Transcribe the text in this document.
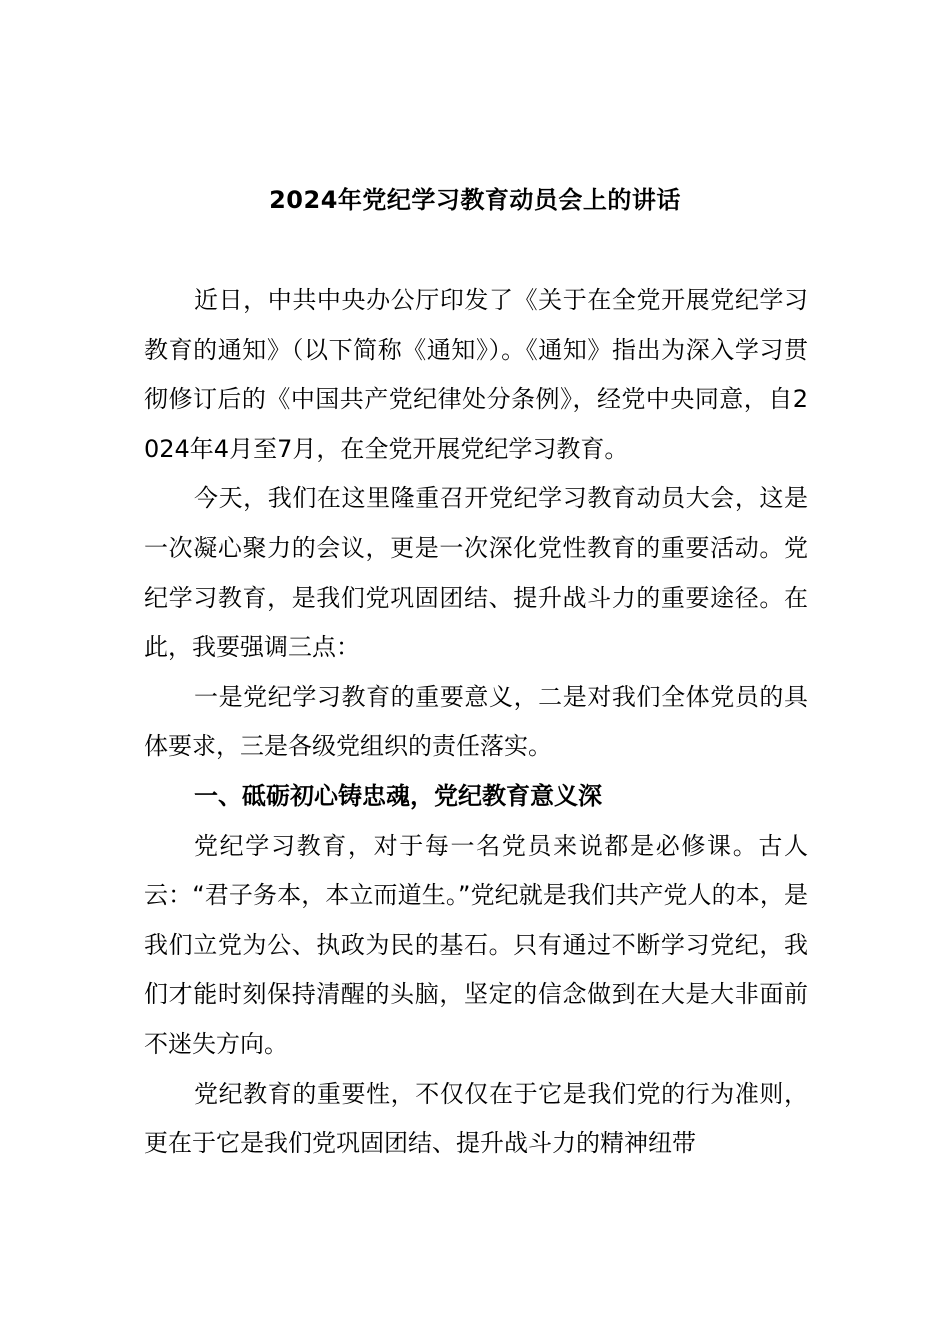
2024年党纪学习教育动员会上的讲话

近日，中共中央办公厅印发了《关于在全党开展党纪学习教育的通知》（以下简称《通知》）。《通知》指出为深入学习贯彻修订后的《中国共产党纪律处分条例》，经党中央同意，自2024年4月至7月，在全党开展党纪学习教育。

今天，我们在这里隆重召开党纪学习教育动员大会，这是一次凝心聚力的会议，更是一次深化党性教育的重要活动。党纪学习教育，是我们党巩固团结、提升战斗力的重要途径。在此，我要强调三点：

一是党纪学习教育的重要意义，二是对我们全体党员的具体要求，三是各级党组织的责任落实。

一、砥砺初心铸忠魂，党纪教育意义深

党纪学习教育，对于每一名党员来说都是必修课。古人云：“君子务本，本立而道生。”党纪就是我们共产党人的本，是我们立党为公、执政为民的基石。只有通过不断学习党纪，我们才能时刻保持清醒的头脑，坚定的信念做到在大是大非面前不迷失方向。

党纪教育的重要性，不仅仅在于它是我们党的行为准则，更在于它是我们党巩固团结、提升战斗力的精神纽带
